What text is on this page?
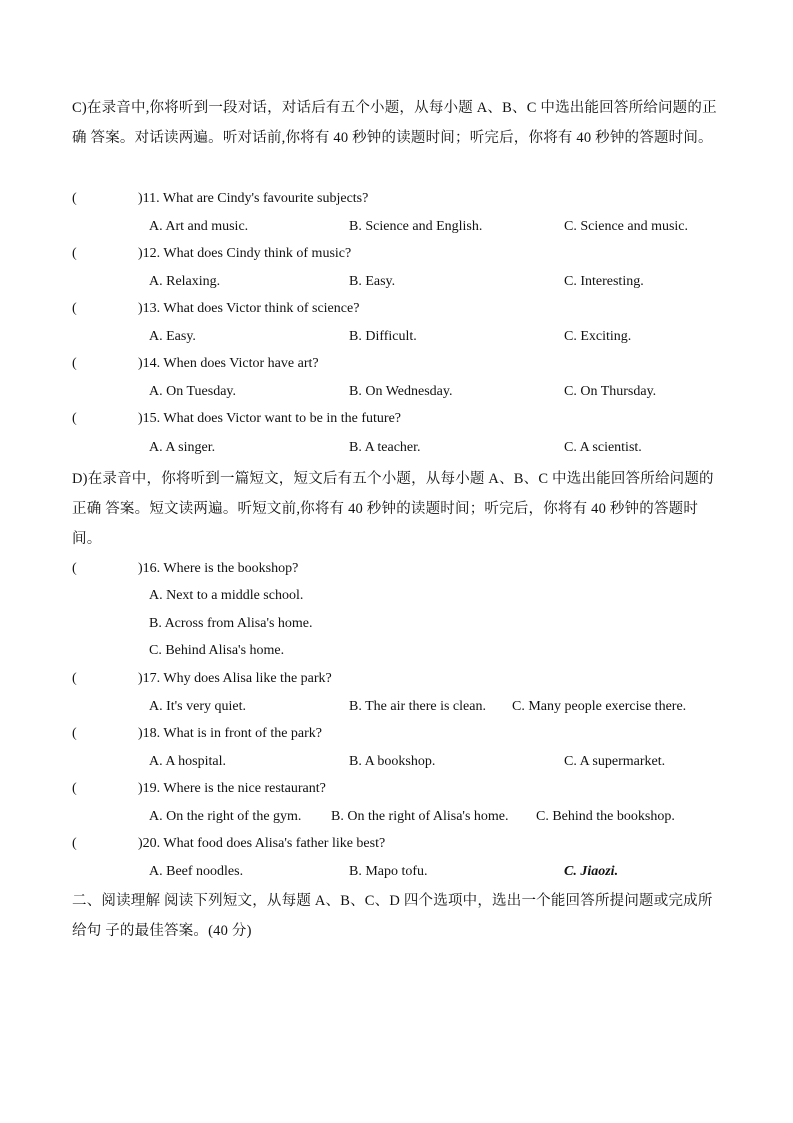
C)在录音中,你将听到一段对话，对话后有五个小题，从每小题 A、B、C 中选出能回答所给问题的正确 答案。对话读两遍。听对话前,你将有 40 秒钟的读题时间；听完后，你将有 40 秒钟的答题时间。
(	)11. What are Cindy's favourite subjects?
A. Art and music.	B. Science and English.	C. Science and music.
(	)12. What does Cindy think of music?
A. Relaxing.	B. Easy.	C. Interesting.
(	)13. What does Victor think of science?
A. Easy.	B. Difficult.	C. Exciting.
(	)14. When does Victor have art?
A. On Tuesday.	B. On Wednesday.	C. On Thursday.
(	)15. What does Victor want to be in the future?
A. A singer.	B. A teacher.	C. A scientist.
D)在录音中，你将听到一篇短文，短文后有五个小题，从每小题 A、B、C 中选出能回答所给问题的正确 答案。短文读两遍。听短文前,你将有 40 秒钟的读题时间；听完后，你将有 40 秒钟的答题时间。
(	)16. Where is the bookshop?
A. Next to a middle school.
B. Across from Alisa's home.
C. Behind Alisa's home.
(	)17. Why does Alisa like the park?
A. It's very quiet.	B. The air there is clean. C. Many people exercise there.
(	)18. What is in front of the park?
A. A hospital.	B. A bookshop.	C. A supermarket.
(	)19. Where is the nice restaurant?
A. On the right of the gym. B. On the right of Alisa's home. C. Behind the bookshop.
(	)20. What food does Alisa's father like best?
A. Beef noodles.	B. Mapo tofu.	C. Jiaozi.
二、阅读理解 阅读下列短文，从每题 A、B、C、D 四个选项中，选出一个能回答所提问题或完成所给句 子的最佳答案。(40 分)
